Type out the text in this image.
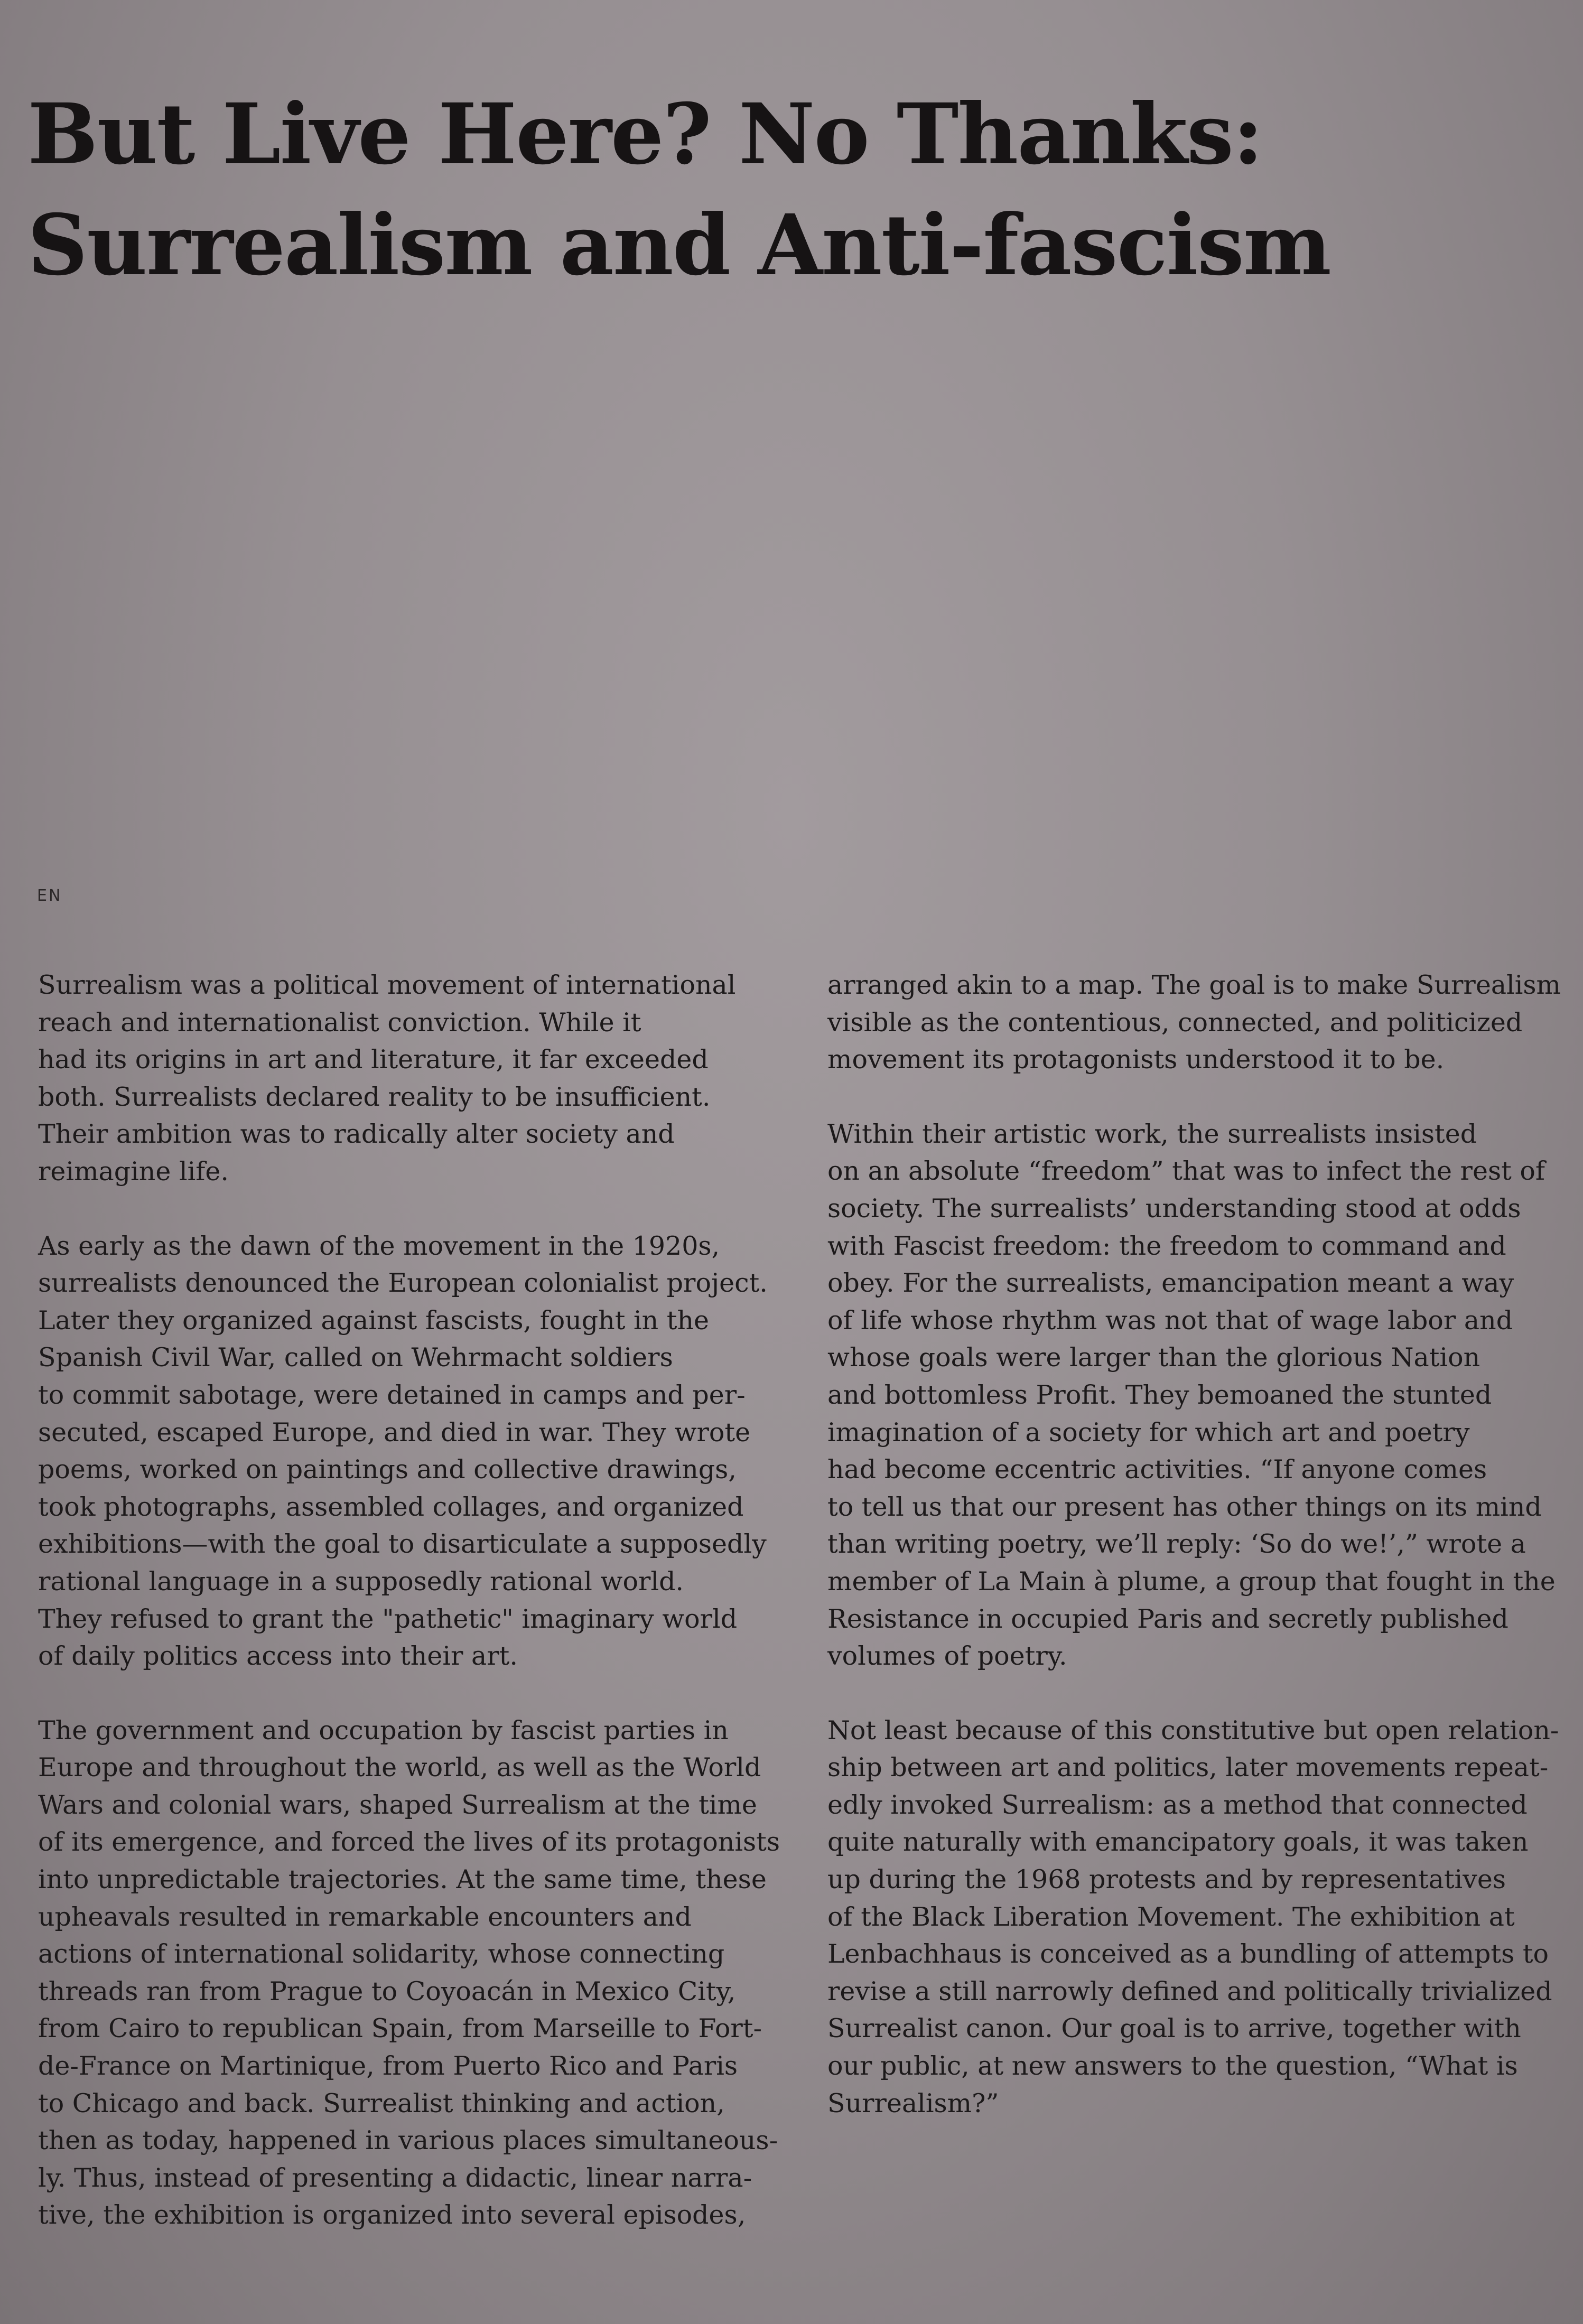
But Live Here? No Thanks:
Surrealism and Anti-fascism
EN

Surrealism was a political movement of international
reach and internationalist conviction. While it
had its origins in art and literature, it far exceeded
both. Surrealists declared reality to be insufficient.
Their ambition was to radically alter society and
reimagine life.

As early as the dawn of the movement in the 1920s,
surrealists denounced the European colonialist project.
Later they organized against fascists, fought in the
Spanish Civil War, called on Wehrmacht soldiers
to commit sabotage, were detained in camps and per-
secuted, escaped Europe, and died in war. They wrote
poems, worked on paintings and collective drawings,
took photographs, assembled collages, and organized
exhibitions—with the goal to disarticulate a supposedly
rational language in a supposedly rational world.
They refused to grant the "pathetic" imaginary world
of daily politics access into their art.

The government and occupation by fascist parties in
Europe and throughout the world, as well as the World
Wars and colonial wars, shaped Surrealism at the time
of its emergence, and forced the lives of its protagonists
into unpredictable trajectories. At the same time, these
upheavals resulted in remarkable encounters and
actions of international solidarity, whose connecting
threads ran from Prague to Coyoacán in Mexico City,
from Cairo to republican Spain, from Marseille to Fort-
de-France on Martinique, from Puerto Rico and Paris
to Chicago and back. Surrealist thinking and action,
then as today, happened in various places simultaneous-
ly. Thus, instead of presenting a didactic, linear narra-
tive, the exhibition is organized into several episodes,

arranged akin to a map. The goal is to make Surrealism
visible as the contentious, connected, and politicized
movement its protagonists understood it to be.

Within their artistic work, the surrealists insisted
on an absolute “freedom” that was to infect the rest of
society. The surrealists’ understanding stood at odds
with Fascist freedom: the freedom to command and
obey. For the surrealists, emancipation meant a way
of life whose rhythm was not that of wage labor and
whose goals were larger than the glorious Nation
and bottomless Profit. They bemoaned the stunted
imagination of a society for which art and poetry
had become eccentric activities. “If anyone comes
to tell us that our present has other things on its mind
than writing poetry, we’ll reply: ‘So do we!’,” wrote a
member of La Main à plume, a group that fought in the
Resistance in occupied Paris and secretly published
volumes of poetry.

Not least because of this constitutive but open relation-
ship between art and politics, later movements repeat-
edly invoked Surrealism: as a method that connected
quite naturally with emancipatory goals, it was taken
up during the 1968 protests and by representatives
of the Black Liberation Movement. The exhibition at
Lenbachhaus is conceived as a bundling of attempts to
revise a still narrowly defined and politically trivialized
Surrealist canon. Our goal is to arrive, together with
our public, at new answers to the question, “What is
Surrealism?”
